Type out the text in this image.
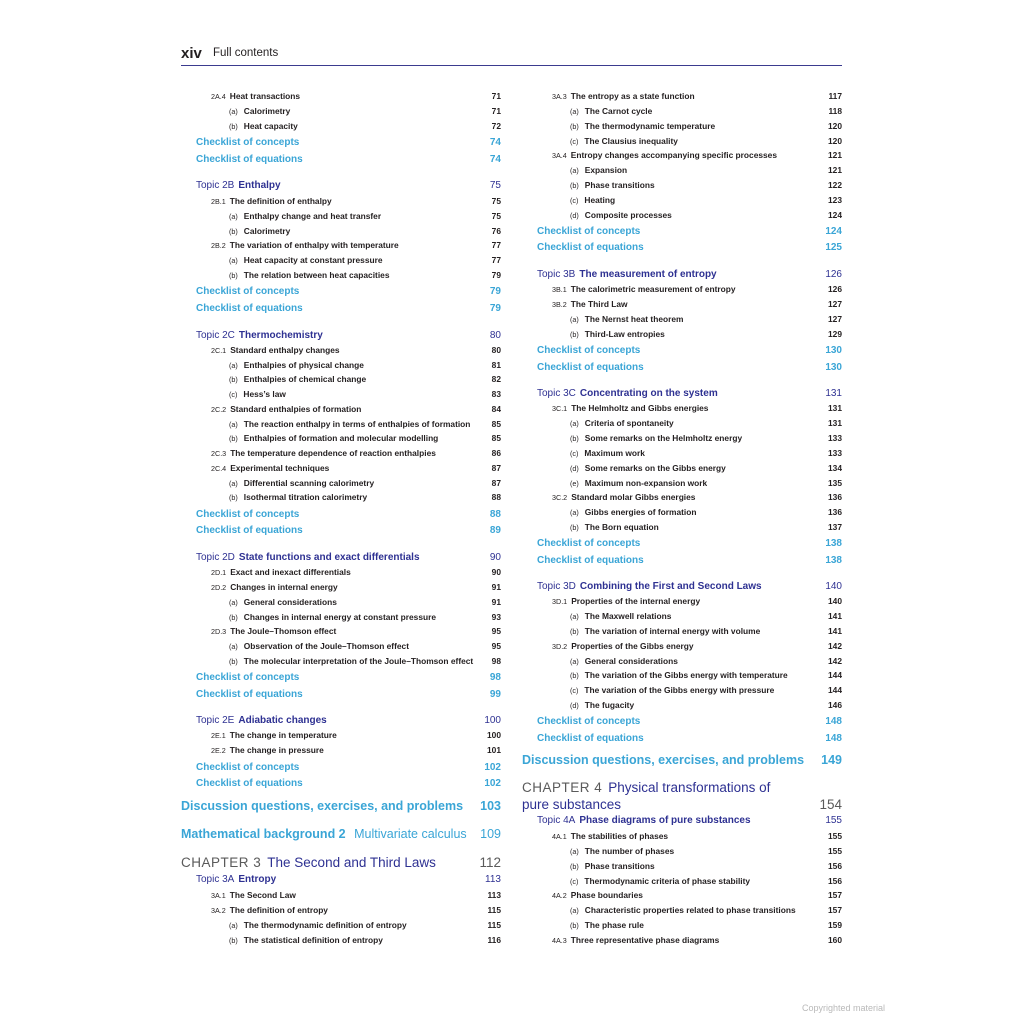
xiv Full contents
2A.4 Heat transactions	71
(a) Calorimetry	71
(b) Heat capacity	72
Checklist of concepts	74
Checklist of equations	74
Topic 2B Enthalpy	75
2B.1 The definition of enthalpy	75
(a) Enthalpy change and heat transfer	75
(b) Calorimetry	76
2B.2 The variation of enthalpy with temperature	77
(a) Heat capacity at constant pressure	77
(b) The relation between heat capacities	79
Checklist of concepts	79
Checklist of equations	79
Topic 2C Thermochemistry	80
2C.1 Standard enthalpy changes	80
(a) Enthalpies of physical change	81
(b) Enthalpies of chemical change	82
(c) Hess’s law	83
2C.2 Standard enthalpies of formation	84
(a) The reaction enthalpy in terms of enthalpies of formation	85
(b) Enthalpies of formation and molecular modelling	85
2C.3 The temperature dependence of reaction enthalpies	86
2C.4 Experimental techniques	87
(a) Differential scanning calorimetry	87
(b) Isothermal titration calorimetry	88
Checklist of concepts	88
Checklist of equations	89
Topic 2D State functions and exact differentials	90
2D.1 Exact and inexact differentials	90
2D.2 Changes in internal energy	91
(a) General considerations	91
(b) Changes in internal energy at constant pressure	93
2D.3 The Joule–Thomson effect	95
(a) Observation of the Joule–Thomson effect	95
(b) The molecular interpretation of the Joule–Thomson effect 98
Checklist of concepts	98
Checklist of equations	99
Topic 2E Adiabatic changes	100
2E.1 The change in temperature	100
2E.2 The change in pressure	101
Checklist of concepts	102
Checklist of equations	102
Discussion questions, exercises, and problems 103
Mathematical background 2 Multivariate calculus 109
CHAPTER 3 The Second and Third Laws	112
Topic 3A Entropy	113
3A.1 The Second Law	113
3A.2 The definition of entropy	115
(a) The thermodynamic definition of entropy	115
(b) The statistical definition of entropy	116
3A.3 The entropy as a state function	117
(a) The Carnot cycle	118
(b) The thermodynamic temperature	120
(c) The Clausius inequality	120
3A.4 Entropy changes accompanying specific processes	121
(a) Expansion	121
(b) Phase transitions	122
(c) Heating	123
(d) Composite processes	124
Checklist of concepts	124
Checklist of equations	125
Topic 3B The measurement of entropy	126
3B.1 The calorimetric measurement of entropy	126
3B.2 The Third Law	127
(a) The Nernst heat theorem	127
(b) Third-Law entropies	129
Checklist of concepts	130
Checklist of equations	130
Topic 3C Concentrating on the system	131
3C.1 The Helmholtz and Gibbs energies	131
(a) Criteria of spontaneity	131
(b) Some remarks on the Helmholtz energy	133
(c) Maximum work	133
(d) Some remarks on the Gibbs energy	134
(e) Maximum non-expansion work	135
3C.2 Standard molar Gibbs energies	136
(a) Gibbs energies of formation	136
(b) The Born equation	137
Checklist of concepts	138
Checklist of equations	138
Topic 3D Combining the First and Second Laws	140
3D.1 Properties of the internal energy	140
(a) The Maxwell relations	141
(b) The variation of internal energy with volume	141
3D.2 Properties of the Gibbs energy	142
(a) General considerations	142
(b) The variation of the Gibbs energy with temperature	144
(c) The variation of the Gibbs energy with pressure	144
(d) The fugacity	146
Checklist of concepts	148
Checklist of equations	148
Discussion questions, exercises, and problems 149
CHAPTER 4 Physical transformations of
pure substances	154
Topic 4A Phase diagrams of pure substances	155
4A.1 The stabilities of phases	155
(a) The number of phases	155
(b) Phase transitions	156
(c) Thermodynamic criteria of phase stability	156
4A.2 Phase boundaries	157
(a) Characteristic properties related to phase transitions	157
(b) The phase rule	159
4A.3 Three representative phase diagrams	160
Copyrighted material
